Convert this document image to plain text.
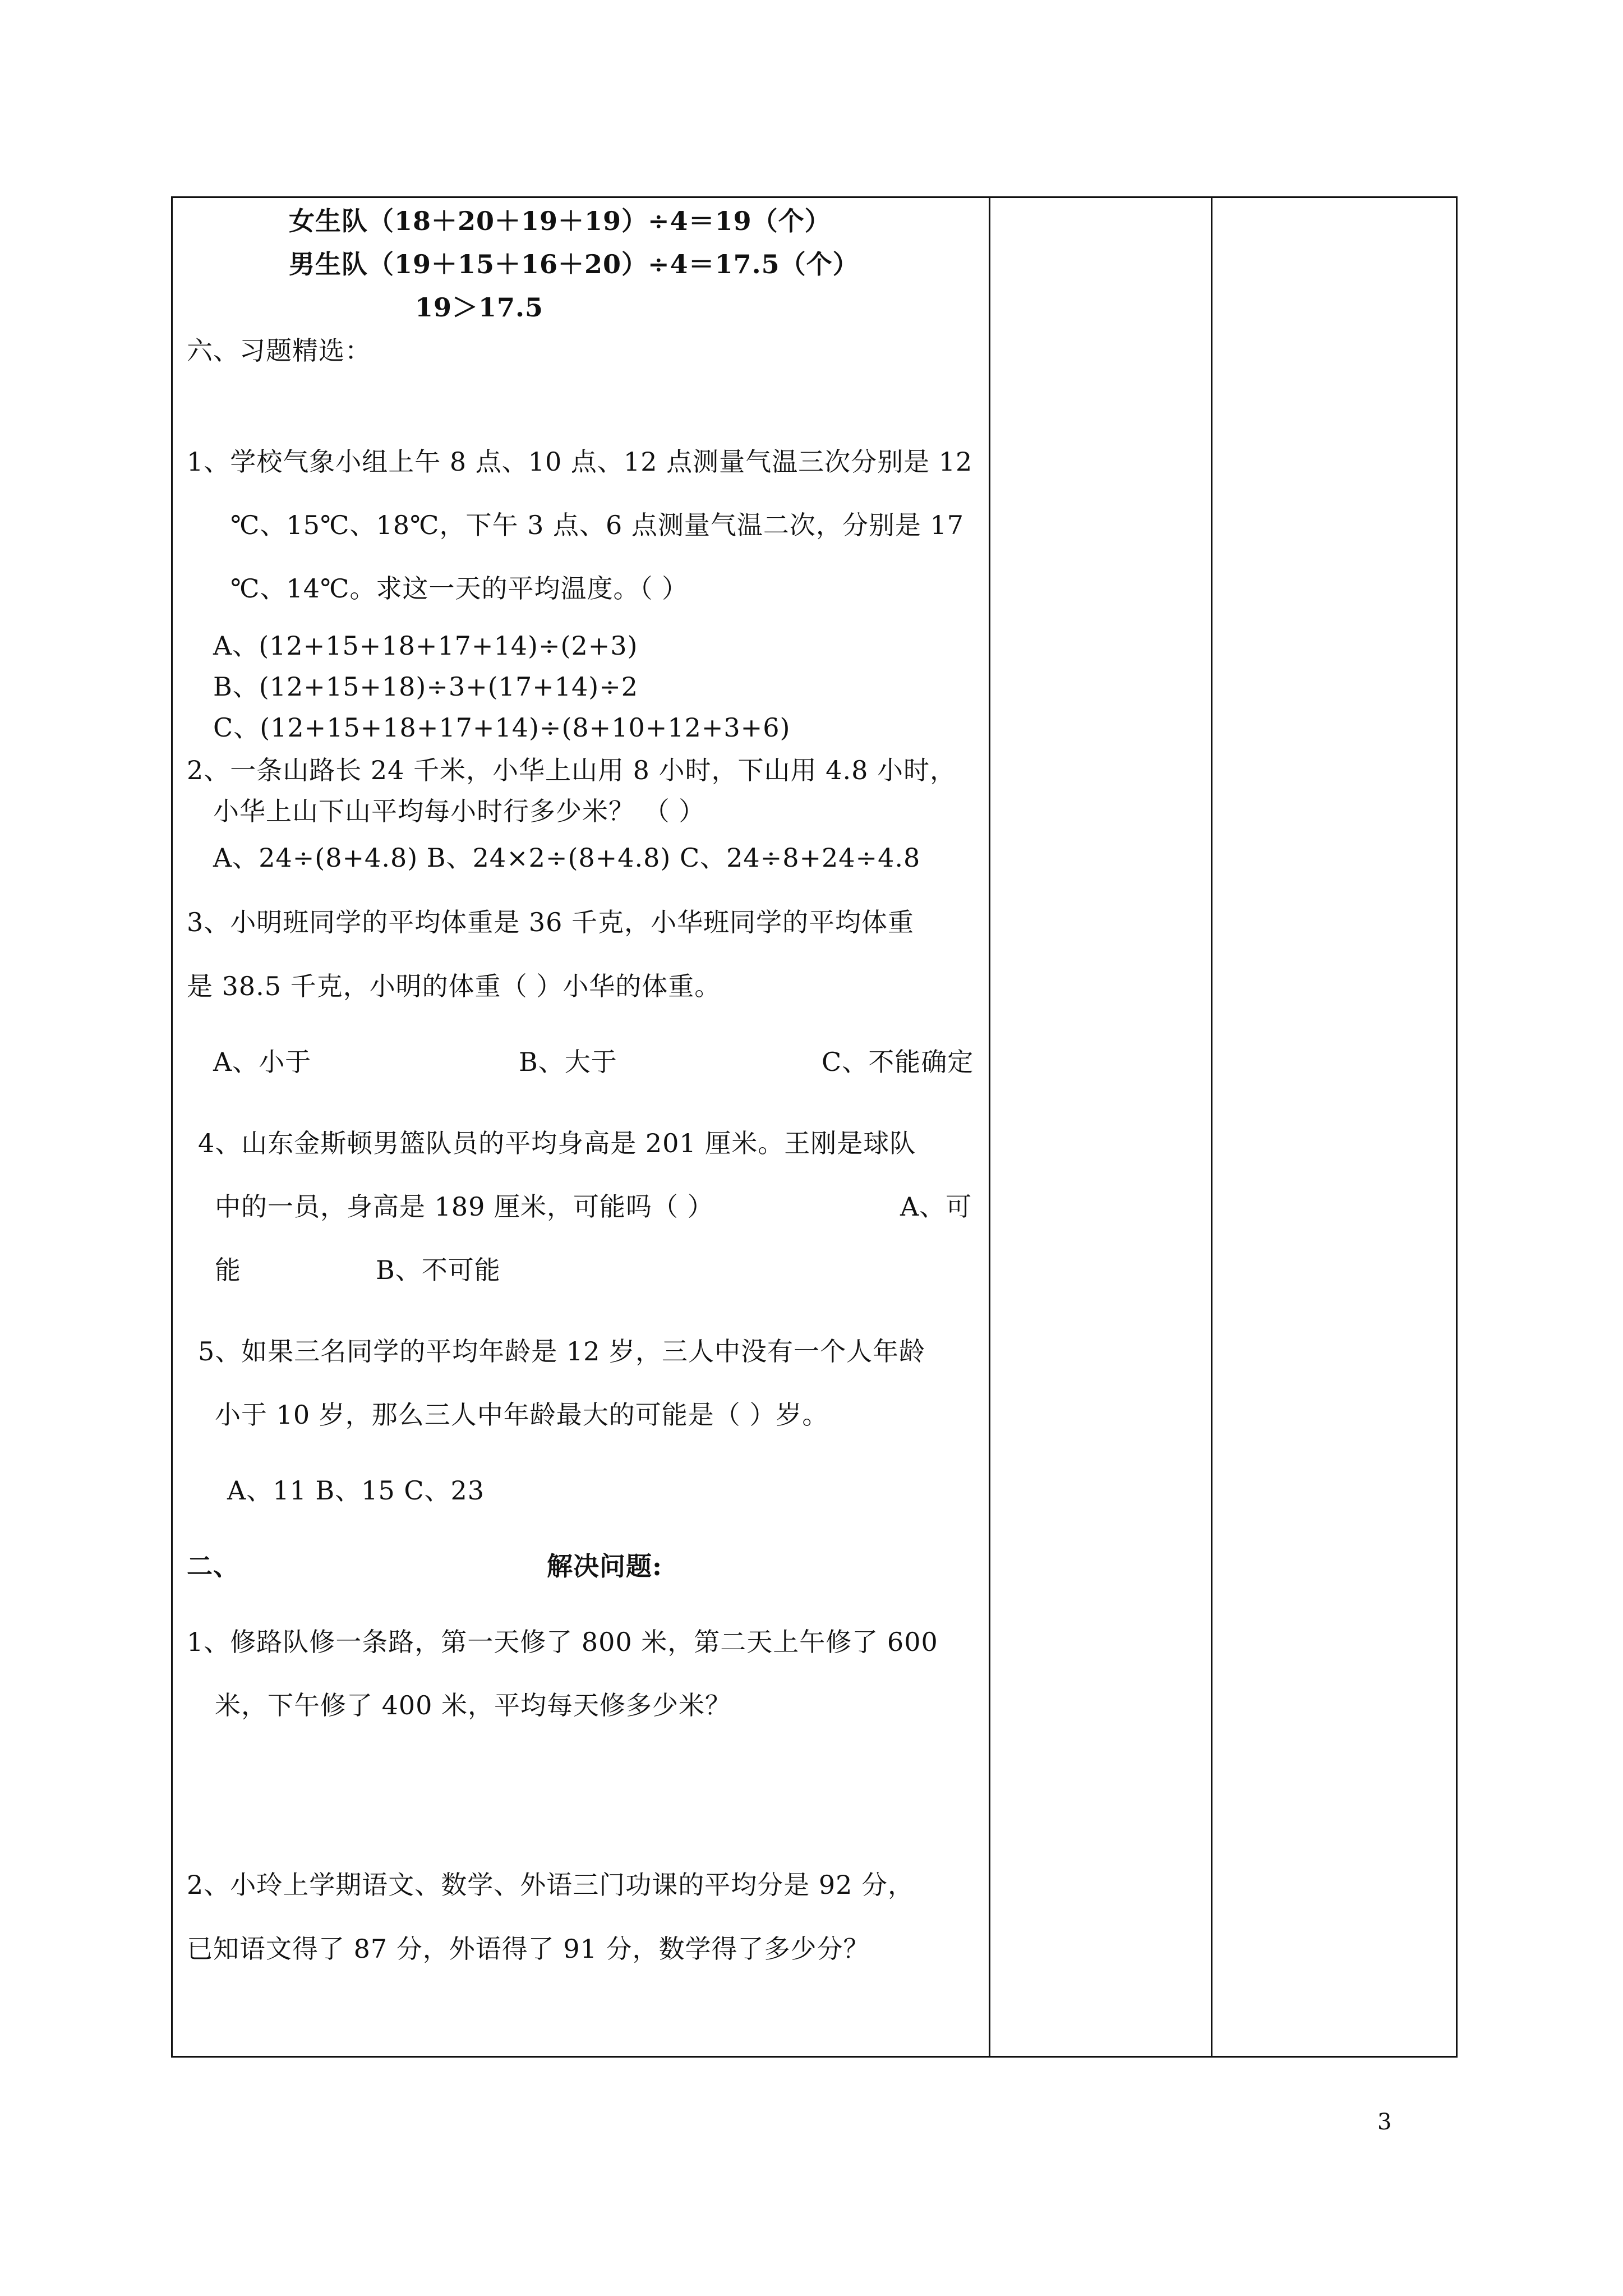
女生队（18＋20＋19＋19）÷4＝19（个）
男生队（19＋15＋16＋20）÷4＝17.5（个）
19＞17.5
六、习题精选：
1、学校气象小组上午 8 点、10 点、12 点测量气温三次分别是 12
℃、15℃、18℃，下午 3 点、6 点测量气温二次，分别是 17
℃、14℃。求这一天的平均温度。（ ）
A、(12+15+18+17+14)÷(2+3)
B、(12+15+18)÷3+(17+14)÷2
C、(12+15+18+17+14)÷(8+10+12+3+6)
2、一条山路长 24 千米，小华上山用 8 小时，下山用 4.8 小时，
小华上山下山平均每小时行多少米？ （ ）
A、24÷(8+4.8) B、24×2÷(8+4.8) C、24÷8+24÷4.8
3、小明班同学的平均体重是 36 千克，小华班同学的平均体重
是 38.5 千克，小明的体重（ ）小华的体重。
A、小于	B、大于	C、不能确定
4、山东金斯顿男篮队员的平均身高是 201 厘米。王刚是球队
中的一员，身高是 189 厘米，可能吗（ ）	A、可
能	B、不可能
5、如果三名同学的平均年龄是 12 岁，三人中没有一个人年龄
小于 10 岁，那么三人中年龄最大的可能是（ ）岁。
A、11 B、15 C、23
二、	解决问题:
1、修路队修一条路，第一天修了 800 米，第二天上午修了 600
米，下午修了 400 米，平均每天修多少米？
2、小玲上学期语文、数学、外语三门功课的平均分是 92 分，
已知语文得了 87 分，外语得了 91 分，数学得了多少分？
3
